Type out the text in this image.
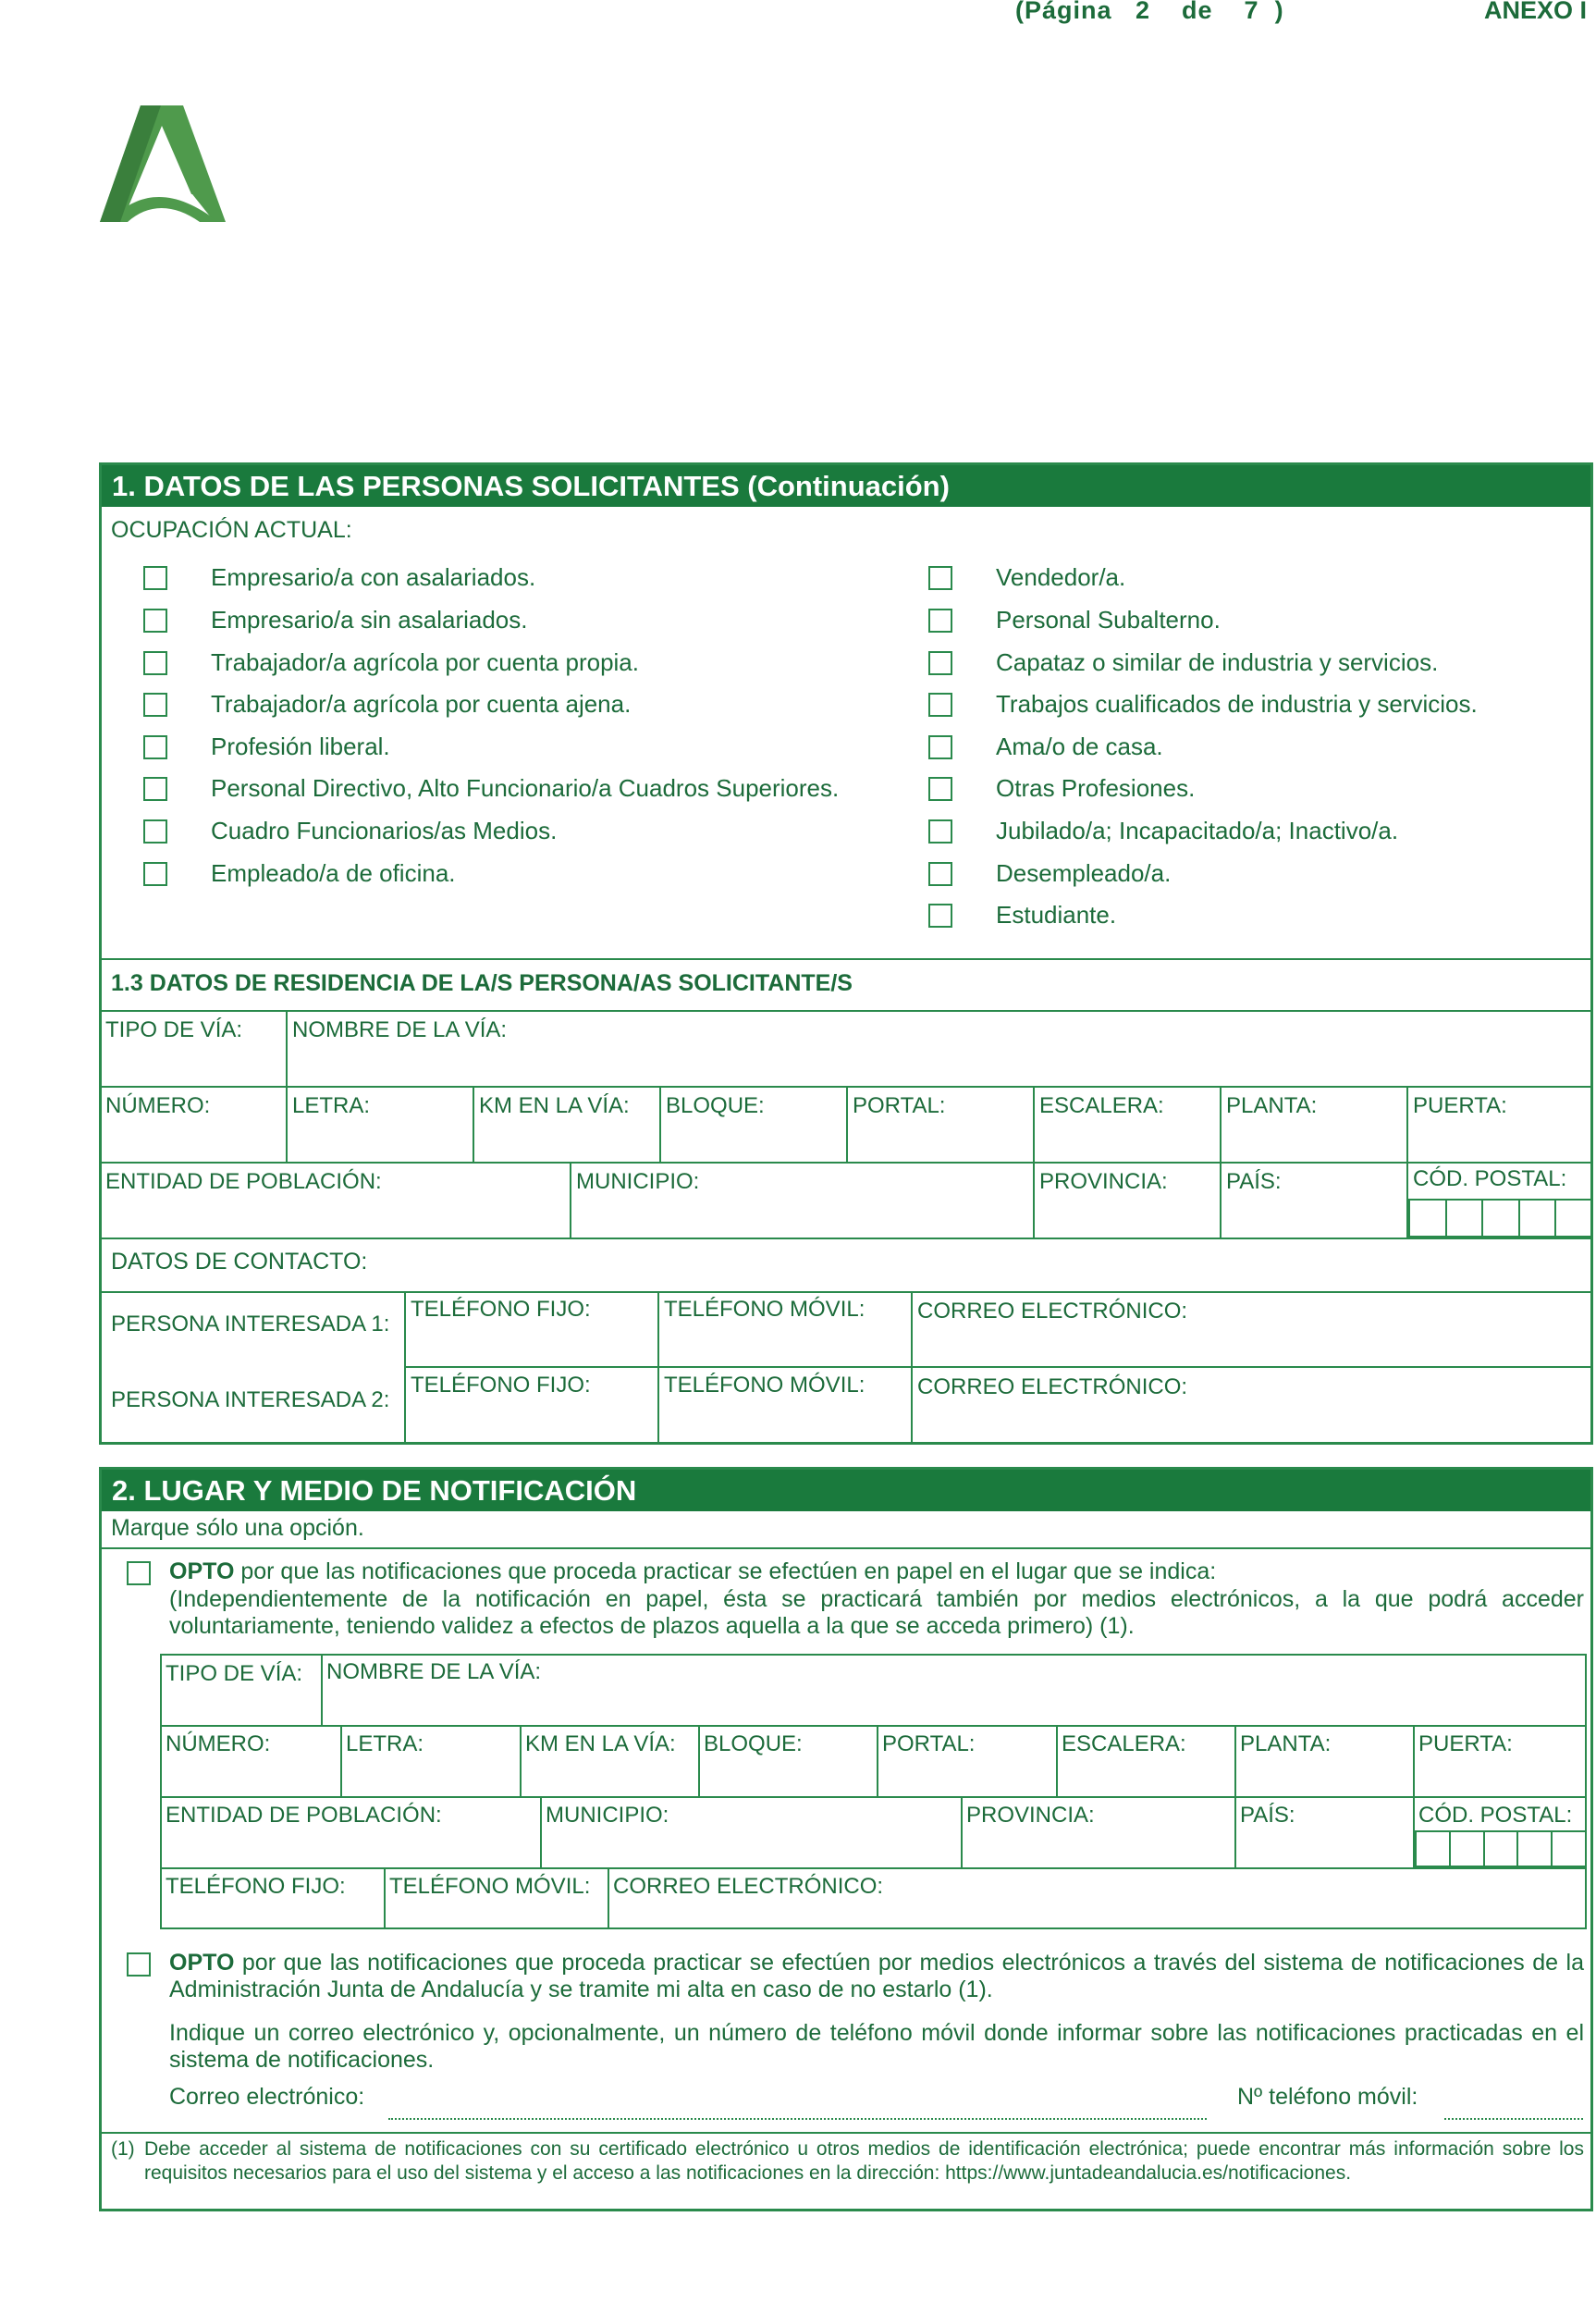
(Página   2    de    7  )	ANEXO I
1. DATOS DE LAS PERSONAS SOLICITANTES (Continuación)
OCUPACIÓN ACTUAL:
Empresario/a con asalariados.
Empresario/a sin asalariados.
Trabajador/a agrícola por cuenta propia.
Trabajador/a agrícola por cuenta ajena.
Profesión liberal.
Personal Directivo, Alto Funcionario/a Cuadros Superiores.
Cuadro Funcionarios/as Medios.
Empleado/a de oficina.
Vendedor/a.
Personal Subalterno.
Capataz o similar de industria y servicios.
Trabajos cualificados de industria y servicios.
Ama/o de casa.
Otras Profesiones.
Jubilado/a; Incapacitado/a; Inactivo/a.
Desempleado/a.
Estudiante.
1.3 DATOS DE RESIDENCIA DE LA/S PERSONA/AS SOLICITANTE/S
TIPO DE VÍA: NOMBRE DE LA VÍA:
NÚMERO:	LETRA:	KM EN LA VÍA: BLOQUE:	PORTAL:	ESCALERA:	PLANTA:	PUERTA:
ENTIDAD DE POBLACIÓN:	MUNICIPIO:	PROVINCIA:	PAÍS:	CÓD. POSTAL:
DATOS DE CONTACTO:
PERSONA INTERESADA 1:
TELÉFONO FIJO:	TELÉFONO MÓVIL: CORREO ELECTRÓNICO:
PERSONA INTERESADA 2:
TELÉFONO FIJO:	TELÉFONO MÓVIL: CORREO ELECTRÓNICO:
2. LUGAR Y MEDIO DE NOTIFICACIÓN
Marque sólo una opción.
OPTO por que las notificaciones que proceda practicar se efectúen en papel en el lugar que se indica:
(Independientemente de la notificación en papel, ésta se practicará también por medios electrónicos, a la que podrá acceder voluntariamente, teniendo validez a efectos de plazos aquella a la que se acceda primero) (1).
TIPO DE VÍA: NOMBRE DE LA VÍA:
NÚMERO:	LETRA:	KM EN LA VÍA: BLOQUE:	PORTAL:	ESCALERA: PLANTA:	PUERTA:
ENTIDAD DE POBLACIÓN:	MUNICIPIO:	PROVINCIA:	PAÍS:	CÓD. POSTAL:
TELÉFONO FIJO: TELÉFONO MÓVIL: CORREO ELECTRÓNICO:
OPTO por que las notificaciones que proceda practicar se efectúen por medios electrónicos a través del sistema de notificaciones de la Administración Junta de Andalucía y se tramite mi alta en caso de no estarlo (1).
Indique un correo electrónico y, opcionalmente, un número de teléfono móvil donde informar sobre las notificaciones practicadas en el sistema de notificaciones.
Correo electrónico:	Nº teléfono móvil:
(1) Debe acceder al sistema de notificaciones con su certificado electrónico u otros medios de identificación electrónica; puede encontrar más información sobre los requisitos necesarios para el uso del sistema y el acceso a las notificaciones en la dirección: https://www.juntadeandalucia.es/notificaciones.
